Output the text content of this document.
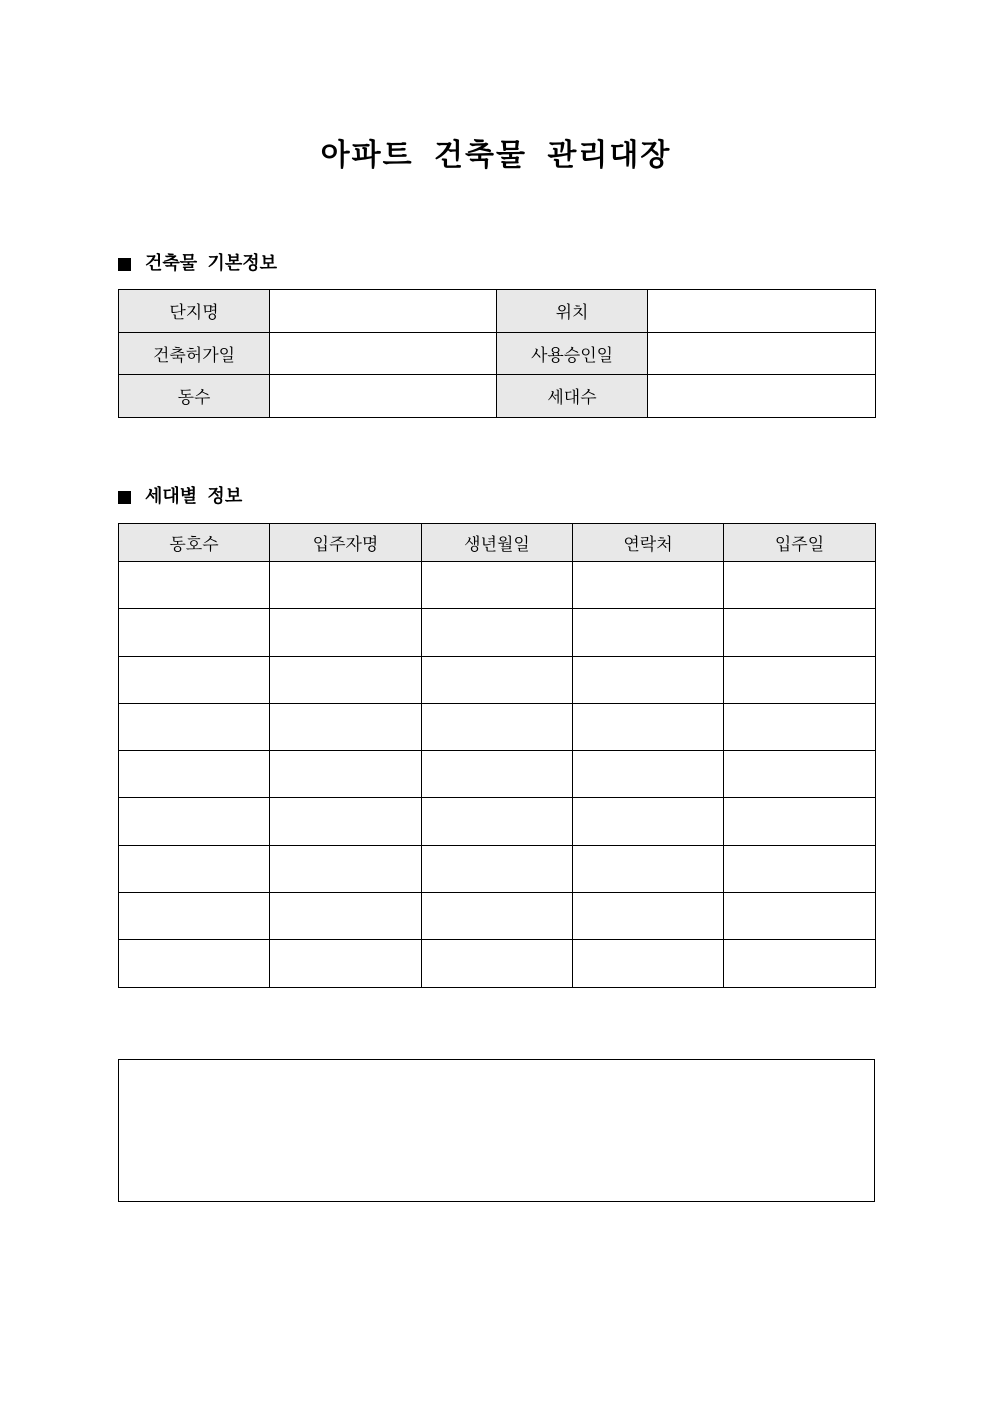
아파트 건축물 관리대장
건축물 기본정보
단지명		위치	
건축허가일		사용승인일	
동수		세대수	
세대별 정보
동호수	입주자명	생년월일	연락처	입주일
